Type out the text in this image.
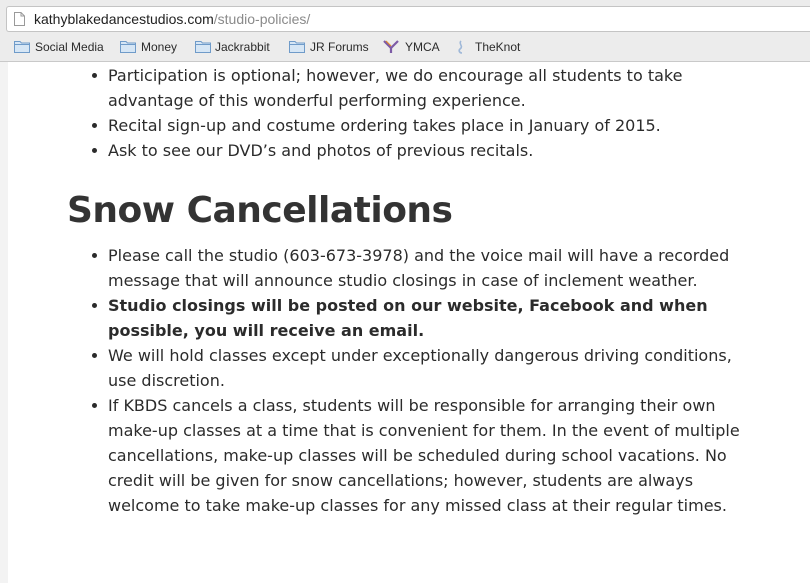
kathyblakedancestudios.com/studio-policies/
Social Media	Money	Jackrabbit	JR Forums	YMCA	TheKnot
Participation is optional; however, we do encourage all students to take advantage of this wonderful performing experience.
Recital sign-up and costume ordering takes place in January of 2015.
Ask to see our DVD’s and photos of previous recitals.
Snow Cancellations
Please call the studio (603-673-3978) and the voice mail will have a recorded message that will announce studio closings in case of inclement weather.
Studio closings will be posted on our website, Facebook and when possible, you will receive an email.
We will hold classes except under exceptionally dangerous driving conditions, use discretion.
If KBDS cancels a class, students will be responsible for arranging their own make-up classes at a time that is convenient for them. In the event of multiple cancellations, make-up classes will be scheduled during school vacations. No credit will be given for snow cancellations; however, students are always welcome to take make-up classes for any missed class at their regular times.
